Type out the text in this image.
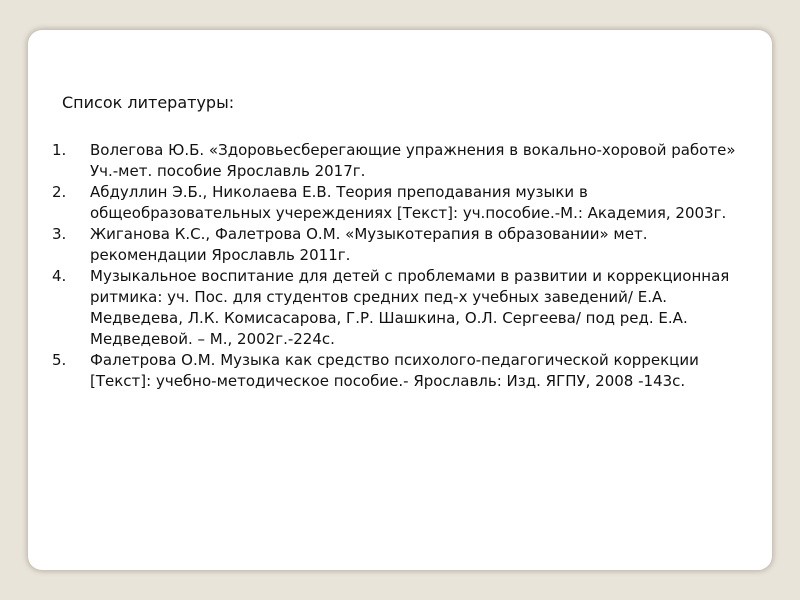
Список литературы:
1.	Волегова Ю.Б. «Здоровьесберегающие упражнения в вокально-хоровой работе» Уч.-мет. пособие Ярославль 2017г.
2.	Абдуллин Э.Б., Николаева Е.В. Теория преподавания музыки в общеобразовательных учереждениях [Текст]: уч.пособие.-М.: Академия, 2003г.
3.	Жиганова К.С., Фалетрова О.М. «Музыкотерапия в образовании» мет. рекомендации Ярославль 2011г.
4.	Музыкальное воспитание для детей с проблемами в развитии и коррекционная ритмика: уч. Пос. для студентов средних пед-х учебных заведений/ Е.А. Медведева, Л.К. Комисасарова, Г.Р. Шашкина, О.Л. Сергеева/ под ред. Е.А. Медведевой. – М., 2002г.-224с.
5.	Фалетрова О.М. Музыка как средство психолого-педагогической коррекции [Текст]: учебно-методическое пособие.- Ярославль: Изд. ЯГПУ, 2008 -143с.
